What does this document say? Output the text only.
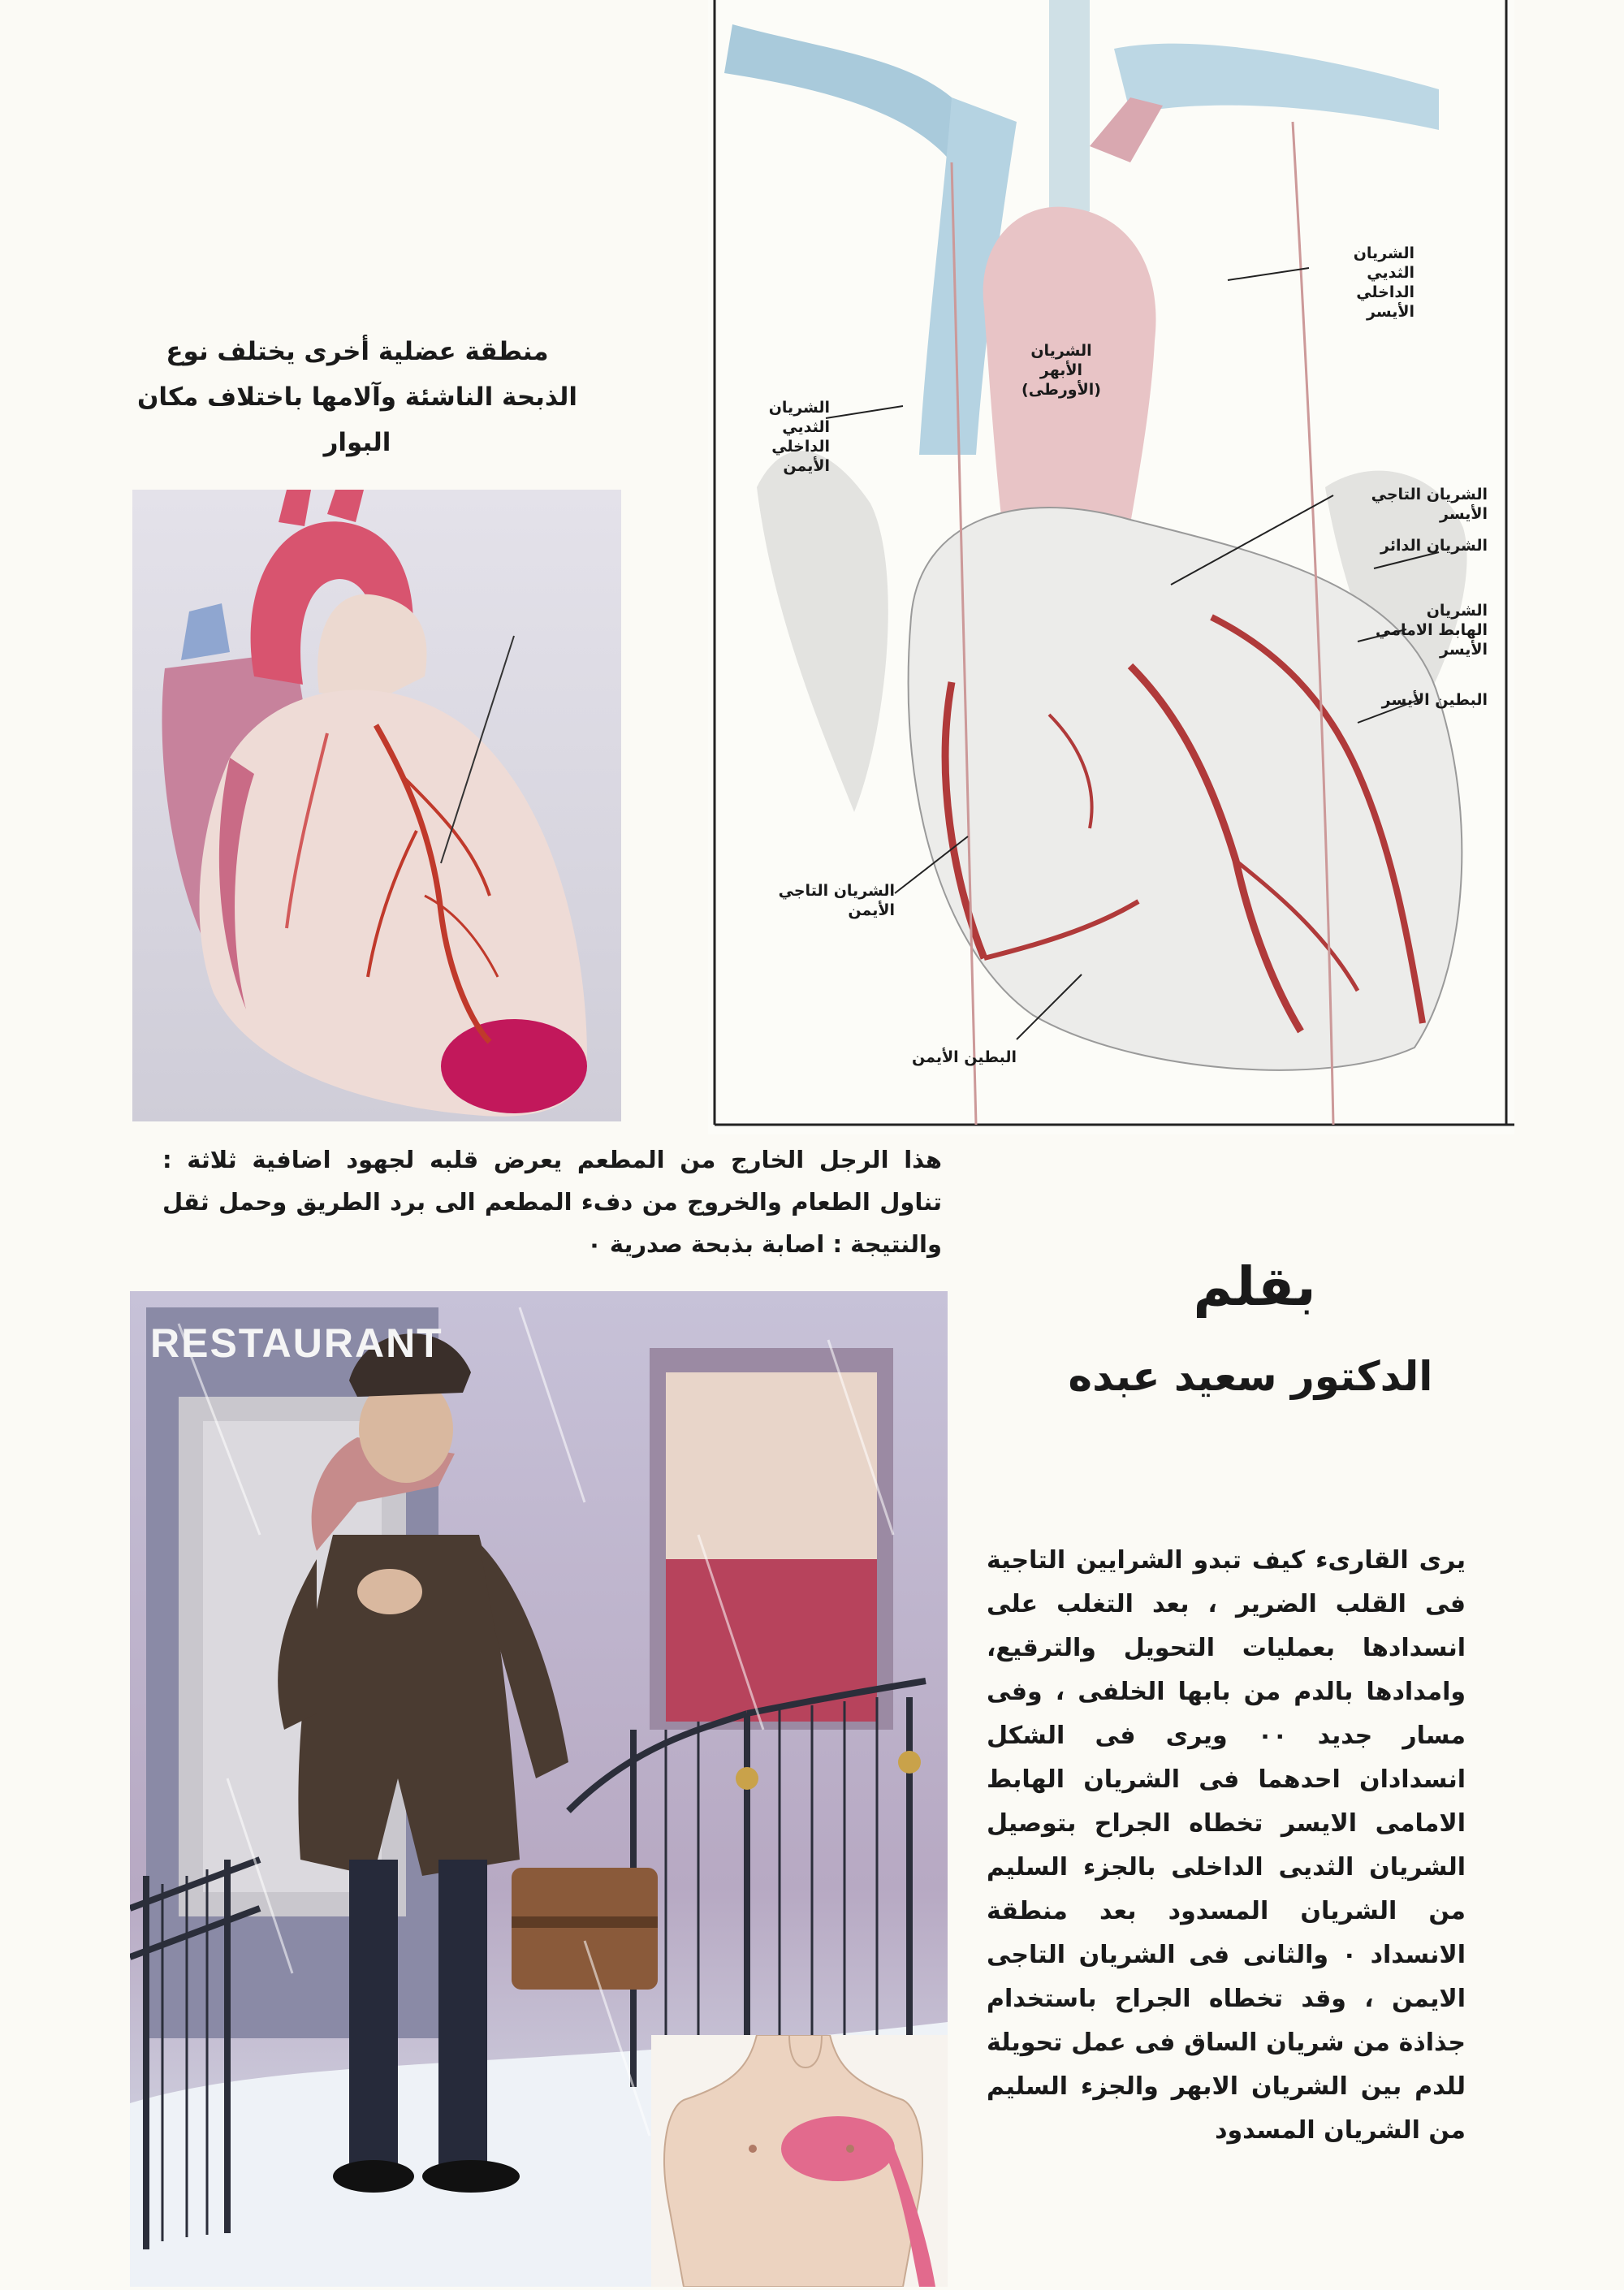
منطقة عضلية أخرى يختلف نوع الذبحة الناشئة وآلامها باختلاف مكان البوار
الشريان الثديي الداخلي الأيسر
الشريان الأبهر (الأورطى)
الشريان الثديي الداخلي الأيمن
الشريان التاجي الأيسر
الشريان الدائر
الشريان الهابط الامامي الأيسر
البطين الأيسر
الشريان التاجي الأيمن
البطين الأيمن
هذا الرجل الخارج من المطعم يعرض قلبه لجهود اضافية ثلاثة : تناول الطعام والخروج من دفء المطعم الى برد الطريق وحمل ثقل والنتيجة : اصابة بذبحة صدرية ٠
RESTAURANT
بقلم
الدكتور سعيد عبده
يرى القارىء كيف تبدو الشرايين التاجية فى القلب الضرير ، بعد التغلب على انسدادها بعمليات التحويل والترقيع، وامدادها بالدم من بابها الخلفى ، وفى مسار جديد ٠٠ ويرى فى الشكل انسدادان احدهما فى الشريان الهابط الامامى الايسر تخطاه الجراح بتوصيل الشريان الثديى الداخلى بالجزء السليم من الشريان المسدود بعد منطقة الانسداد ٠ والثانى فى الشريان التاجى الايمن ، وقد تخطاه الجراح باستخدام جذاذة من شريان الساق فى عمل تحويلة للدم بين الشريان الابهر والجزء السليم من الشريان المسدود
